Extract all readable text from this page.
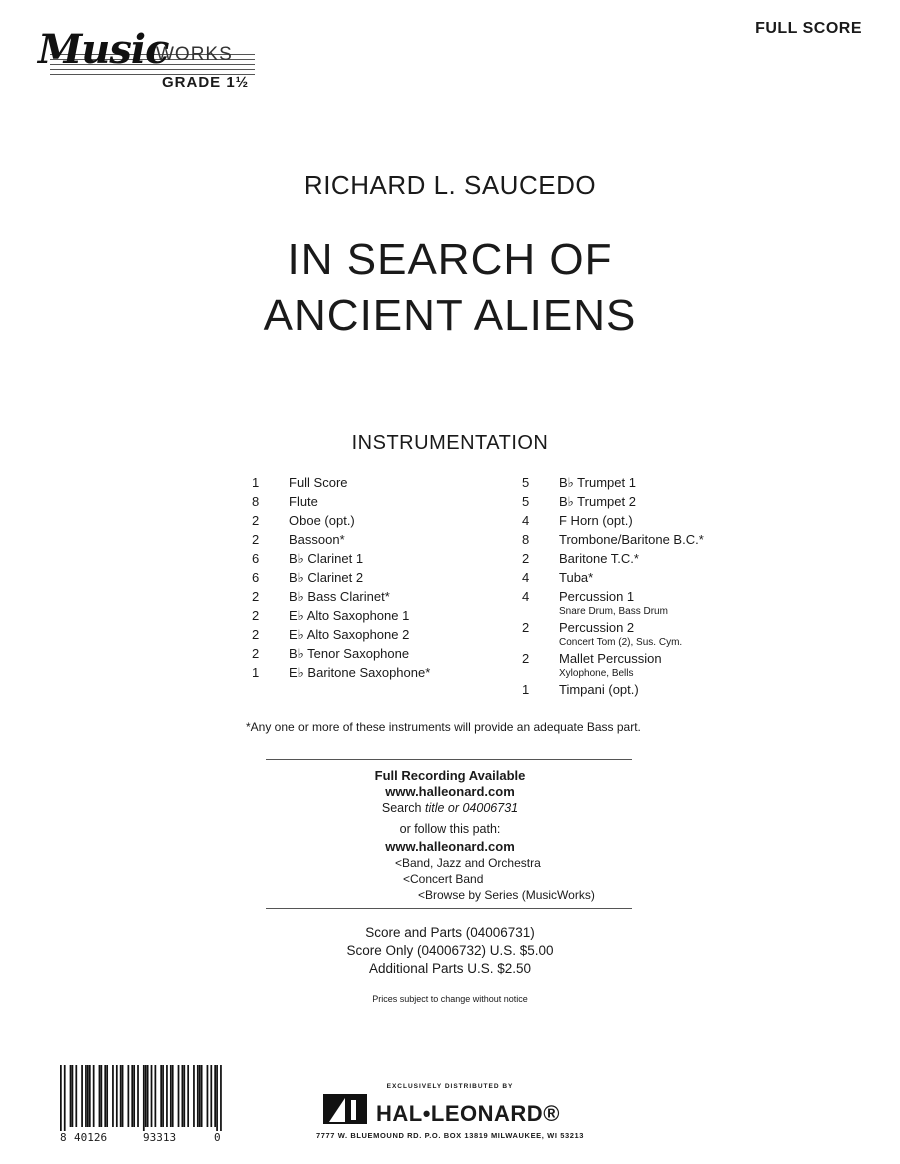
Music
WORKS
GRADE 1½
FULL SCORE
RICHARD L. SAUCEDO
IN SEARCH OF
ANCIENT ALIENS
INSTRUMENTATION
1	Full Score
8	Flute
2	Oboe (opt.)
2	Bassoon*
6	B♭ Clarinet 1
6	B♭ Clarinet 2
2	B♭ Bass Clarinet*
2	E♭ Alto Saxophone 1
2	E♭ Alto Saxophone 2
2	B♭ Tenor Saxophone
1	E♭ Baritone Saxophone*
5	B♭ Trumpet 1
5	B♭ Trumpet 2
4	F Horn (opt.)
8	Trombone/Baritone B.C.*
2	Baritone T.C.*
4	Tuba*
4	Percussion 1
Snare Drum, Bass Drum
2	Percussion 2
Concert Tom (2), Sus. Cym.
2	Mallet Percussion
Xylophone, Bells
1	Timpani (opt.)
*Any one or more of these instruments will provide an adequate Bass part.
Full Recording Available
www.halleonard.com
Search title or 04006731
or follow this path:
www.halleonard.com
<Band, Jazz and Orchestra
<Concert Band
<Browse by Series (MusicWorks)
Score and Parts (04006731)
Score Only (04006732) U.S. $5.00
Additional Parts U.S. $2.50
Prices subject to change without notice
8 40126	93313	0
EXCLUSIVELY DISTRIBUTED BY
HAL•LEONARD®
7777 W. BLUEMOUND RD. P.O. BOX 13819 MILWAUKEE, WI 53213
